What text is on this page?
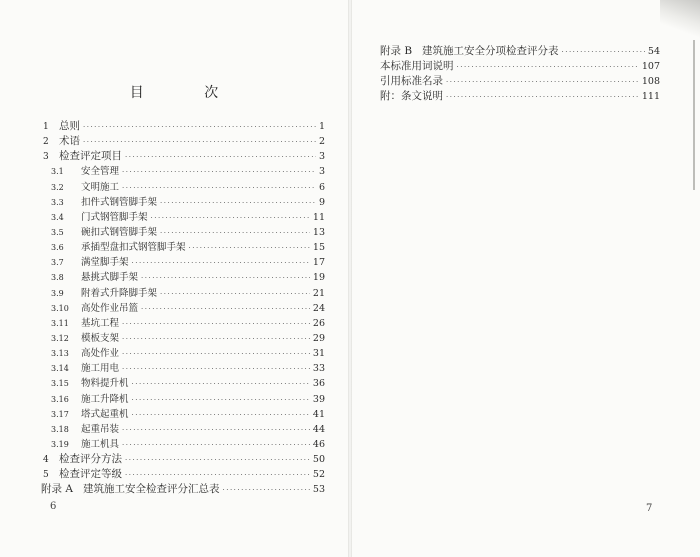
目 次
1 总则 ·····	1
2 术语 ·····	2
3 检查评定项目 ·····	3
3.1	安全管理 ·····	3
3.2	文明施工 ·····	6
3.3	扣件式钢管脚手架 ·····	9
3.4	门式钢管脚手架 ·····	11
3.5	碗扣式钢管脚手架 ·····	13
3.6	承插型盘扣式钢管脚手架 ·····	15
3.7	满堂脚手架 ·····	17
3.8	悬挑式脚手架 ·····	19
3.9	附着式升降脚手架 ·····	21
3.10	高处作业吊篮 ·····	24
3.11	基坑工程 ·····	26
3.12	模板支架 ·····	29
3.13	高处作业 ·····	31
3.14	施工用电 ·····	33
3.15	物料提升机 ·····	36
3.16	施工升降机 ·····	39
3.17	塔式起重机 ·····	41
3.18	起重吊装 ·····	44
3.19	施工机具 ·····	46
4 检查评分方法 ·····	50
5 检查评定等级 ·····	52
附录 A 建筑施工安全检查评分汇总表 ·····	53
附录 B 建筑施工安全分项检查评分表 ·····	54
本标准用词说明 ·····	107
引用标准名录 ·····	108
附：条文说明 ·····	111
6	7
